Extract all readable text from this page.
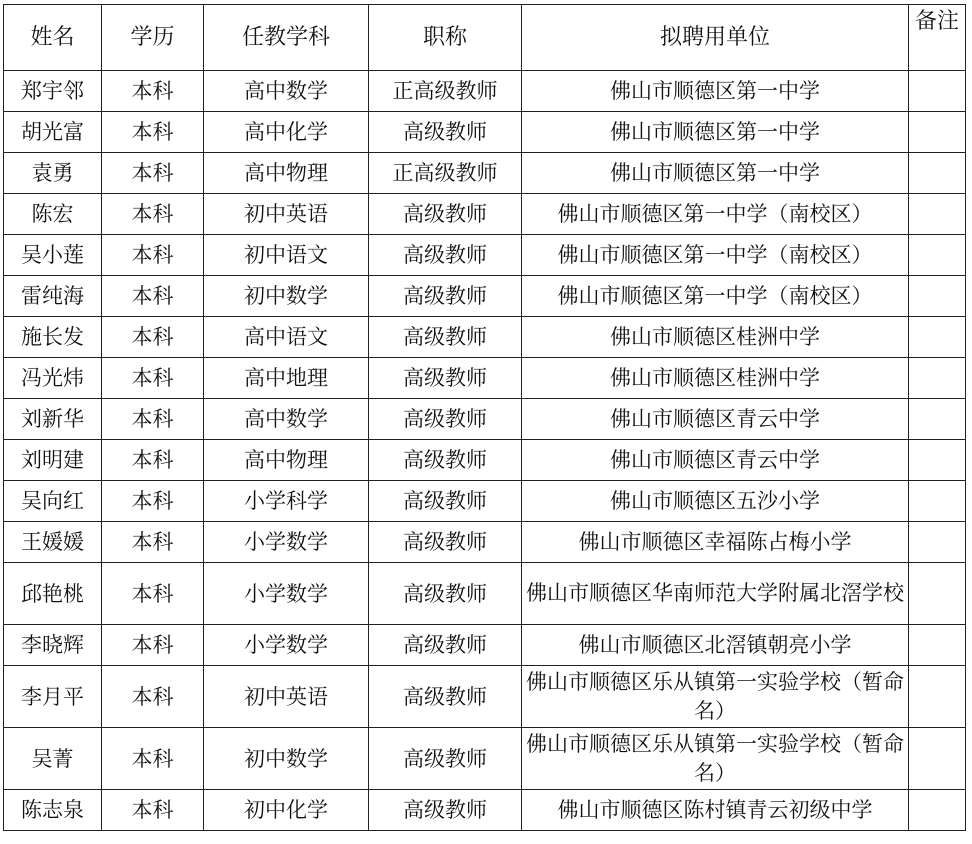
姓名	学历	任教学科	职称	拟聘用单位	备注
郑宇邻	本科	高中数学	正高级教师	佛山市顺德区第一中学	
胡光富	本科	高中化学	高级教师	佛山市顺德区第一中学	
袁勇	本科	高中物理	正高级教师	佛山市顺德区第一中学	
陈宏	本科	初中英语	高级教师	佛山市顺德区第一中学（南校区）	
吴小莲	本科	初中语文	高级教师	佛山市顺德区第一中学（南校区）	
雷纯海	本科	初中数学	高级教师	佛山市顺德区第一中学（南校区）	
施长发	本科	高中语文	高级教师	佛山市顺德区桂洲中学	
冯光炜	本科	高中地理	高级教师	佛山市顺德区桂洲中学	
刘新华	本科	高中数学	高级教师	佛山市顺德区青云中学	
刘明建	本科	高中物理	高级教师	佛山市顺德区青云中学	
吴向红	本科	小学科学	高级教师	佛山市顺德区五沙小学	
王媛媛	本科	小学数学	高级教师	佛山市顺德区幸福陈占梅小学	
邱艳桃	本科	小学数学	高级教师	佛山市顺德区华南师范大学附属北滘学校	
李晓辉	本科	小学数学	高级教师	佛山市顺德区北滘镇朝亮小学	
李月平	本科	初中英语	高级教师	佛山市顺德区乐从镇第一实验学校（暂命名）	
吴菁	本科	初中数学	高级教师	佛山市顺德区乐从镇第一实验学校（暂命名）	
陈志泉	本科	初中化学	高级教师	佛山市顺德区陈村镇青云初级中学	
